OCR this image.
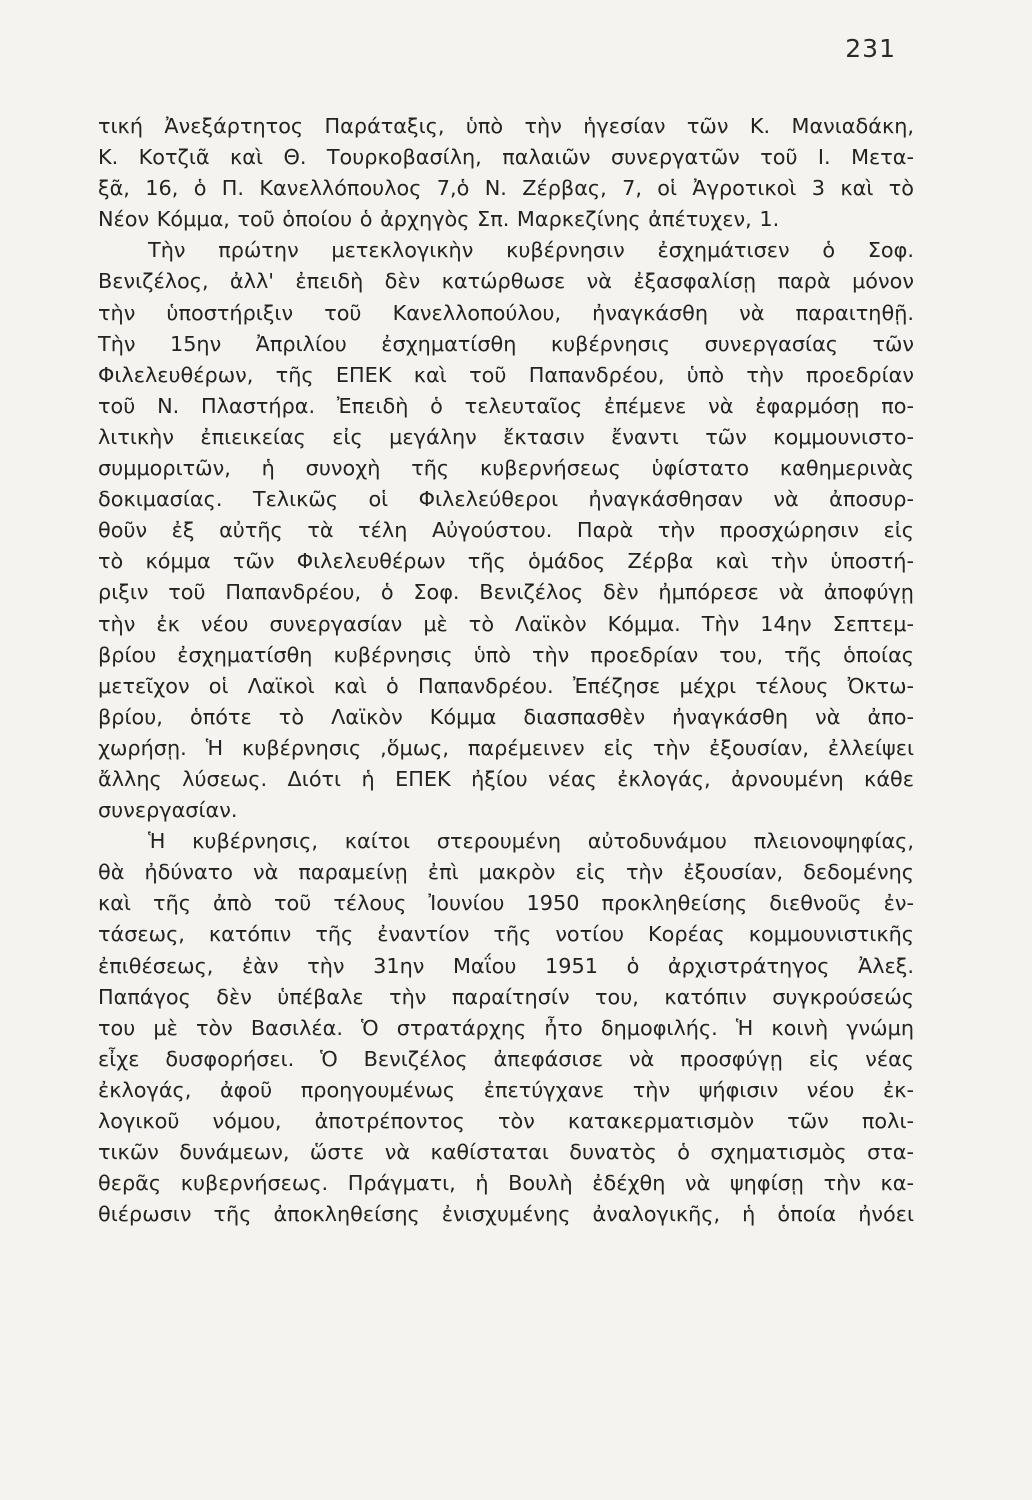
231
τική Ἀνεξάρτητος Παράταξις, ὑπὸ τὴν ἡγεσίαν τῶν Κ. Μανιαδάκη,
Κ. Κοτζιᾶ καὶ Θ. Τουρκοβασίλη, παλαιῶν συνεργατῶν τοῦ Ι. Μετα-
ξᾶ, 16, ὁ Π. Κανελλόπουλος 7,ὁ Ν. Ζέρβας, 7, οἱ Ἀγροτικοὶ 3 καὶ τὸ
Νέον Κόμμα, τοῦ ὁποίου ὁ ἀρχηγὸς Σπ. Μαρκεζίνης ἀπέτυχεν, 1.
Τὴν πρώτην μετεκλογικὴν κυβέρνησιν ἐσχημάτισεν ὁ Σοφ.
Βενιζέλος, ἀλλ' ἐπειδὴ δὲν κατώρθωσε νὰ ἐξασφαλίσῃ παρὰ μόνον
τὴν ὑποστήριξιν τοῦ Κανελλοπούλου, ἠναγκάσθη νὰ παραιτηθῇ.
Τὴν 15ην Ἀπριλίου ἐσχηματίσθη κυβέρνησις συνεργασίας τῶν
Φιλελευθέρων, τῆς ΕΠΕΚ καὶ τοῦ Παπανδρέου, ὑπὸ τὴν προεδρίαν
τοῦ Ν. Πλαστήρα. Ἐπειδὴ ὁ τελευταῖος ἐπέμενε νὰ ἐφαρμόσῃ πο-
λιτικὴν ἐπιεικείας εἰς μεγάλην ἔκτασιν ἔναντι τῶν κομμουνιστο-
συμμοριτῶν, ἡ συνοχὴ τῆς κυβερνήσεως ὑφίστατο καθημερινὰς
δοκιμασίας. Τελικῶς οἱ Φιλελεύθεροι ἠναγκάσθησαν νὰ ἀποσυρ-
θοῦν ἐξ αὐτῆς τὰ τέλη Αὐγούστου. Παρὰ τὴν προσχώρησιν εἰς
τὸ κόμμα τῶν Φιλελευθέρων τῆς ὁμάδος Ζέρβα καὶ τὴν ὑποστή-
ριξιν τοῦ Παπανδρέου, ὁ Σοφ. Βενιζέλος δὲν ἠμπόρεσε νὰ ἀποφύγῃ
τὴν ἐκ νέου συνεργασίαν μὲ τὸ Λαϊκὸν Κόμμα. Τὴν 14ην Σεπτεμ-
βρίου ἐσχηματίσθη κυβέρνησις ὑπὸ τὴν προεδρίαν του, τῆς ὁποίας
μετεῖχον οἱ Λαϊκοὶ καὶ ὁ Παπανδρέου. Ἐπέζησε μέχρι τέλους Ὀκτω-
βρίου, ὁπότε τὸ Λαϊκὸν Κόμμα διασπασθὲν ἠναγκάσθη νὰ ἀπο-
χωρήσῃ. Ἡ κυβέρνησις ,ὅμως, παρέμεινεν εἰς τὴν ἐξουσίαν, ἐλλείψει
ἄλλης λύσεως. Διότι ἡ ΕΠΕΚ ἠξίου νέας ἐκλογάς, ἀρνουμένη κάθε
συνεργασίαν.
Ἡ κυβέρνησις, καίτοι στερουμένη αὐτοδυνάμου πλειονοψηφίας,
θὰ ἠδύνατο νὰ παραμείνῃ ἐπὶ μακρὸν εἰς τὴν ἐξουσίαν, δεδομένης
καὶ τῆς ἀπὸ τοῦ τέλους Ἰουνίου 1950 προκληθείσης διεθνοῦς ἐν-
τάσεως, κατόπιν τῆς ἐναντίον τῆς νοτίου Κορέας κομμουνιστικῆς
ἐπιθέσεως, ἐὰν τὴν 31ην Μαΐου 1951 ὁ ἀρχιστράτηγος Ἀλεξ.
Παπάγος δὲν ὑπέβαλε τὴν παραίτησίν του, κατόπιν συγκρούσεώς
του μὲ τὸν Βασιλέα. Ὁ στρατάρχης ἦτο δημοφιλής. Ἡ κοινὴ γνώμη
εἶχε δυσφορήσει. Ὁ Βενιζέλος ἀπεφάσισε νὰ προσφύγῃ εἰς νέας
ἐκλογάς, ἀφοῦ προηγουμένως ἐπετύγχανε τὴν ψήφισιν νέου ἐκ-
λογικοῦ νόμου, ἀποτρέποντος τὸν κατακερματισμὸν τῶν πολι-
τικῶν δυνάμεων, ὥστε νὰ καθίσταται δυνατὸς ὁ σχηματισμὸς στα-
θερᾶς κυβερνήσεως. Πράγματι, ἡ Βουλὴ ἐδέχθη νὰ ψηφίσῃ τὴν κα-
θιέρωσιν τῆς ἀποκληθείσης ἐνισχυμένης ἀναλογικῆς, ἡ ὁποία ἠνόει
